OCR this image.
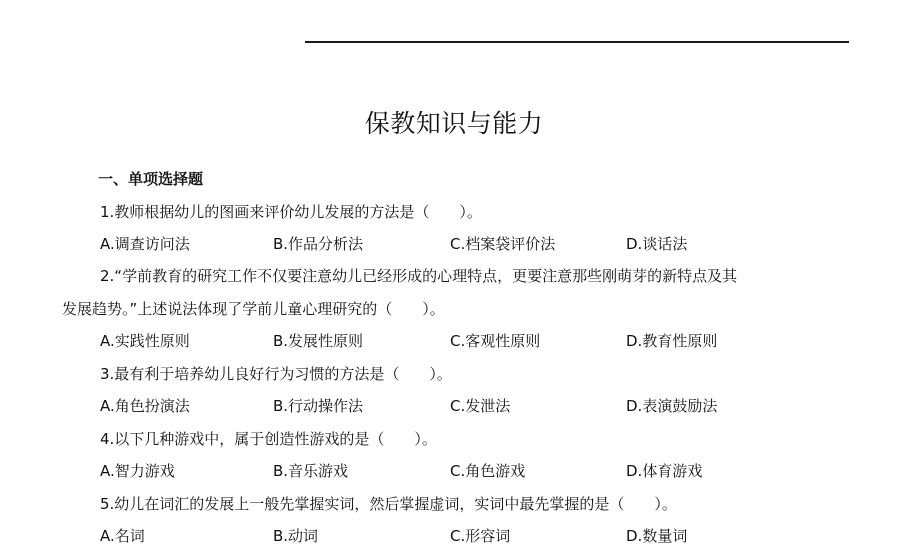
保教知识与能力
一、单项选择题
1.教师根据幼儿的图画来评价幼儿发展的方法是（　　）。
A.调查访问法	B.作品分析法	C.档案袋评价法	D.谈话法
2.“学前教育的研究工作不仅要注意幼儿已经形成的心理特点，更要注意那些刚萌芽的新特点及其
发展趋势。”上述说法体现了学前儿童心理研究的（　　）。
A.实践性原则	B.发展性原则	C.客观性原则	D.教育性原则
3.最有利于培养幼儿良好行为习惯的方法是（　　）。
A.角色扮演法	B.行动操作法	C.发泄法	D.表演鼓励法
4.以下几种游戏中，属于创造性游戏的是（　　）。
A.智力游戏	B.音乐游戏	C.角色游戏	D.体育游戏
5.幼儿在词汇的发展上一般先掌握实词，然后掌握虚词，实词中最先掌握的是（　　）。
A.名词	B.动词	C.形容词	D.数量词
